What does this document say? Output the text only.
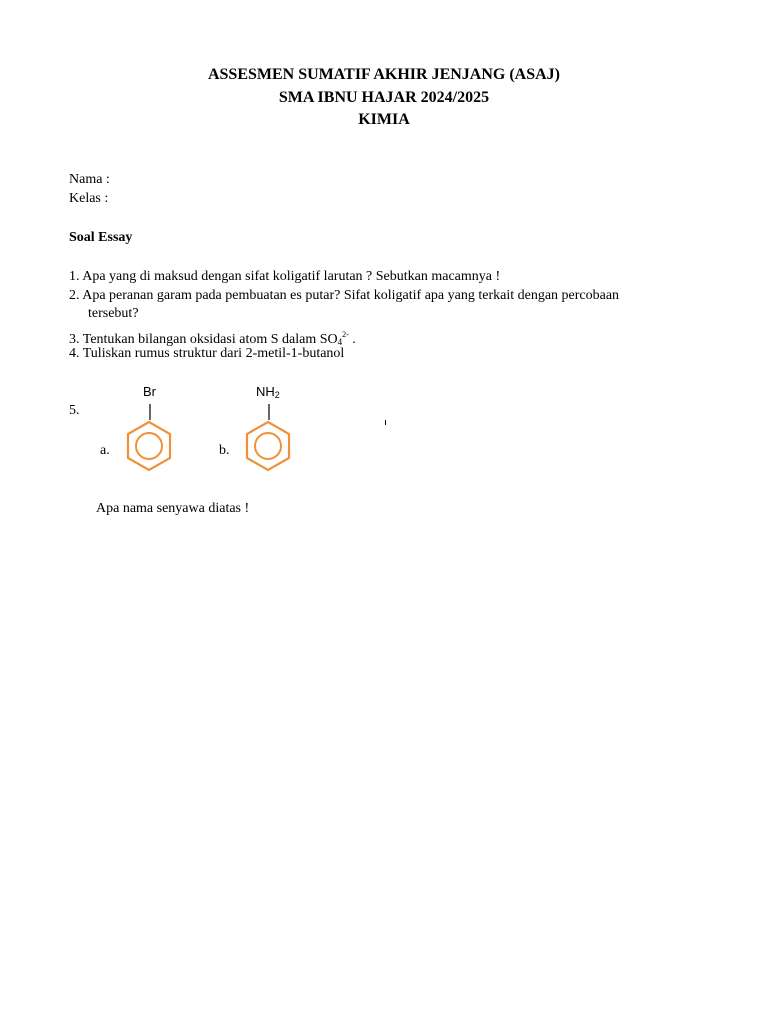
ASSESMEN SUMATIF AKHIR JENJANG (ASAJ)
SMA IBNU HAJAR 2024/2025
KIMIA
Nama :
Kelas :
Soal Essay
1. Apa yang di maksud dengan sifat koligatif larutan ? Sebutkan macamnya !
2. Apa peranan garam pada pembuatan es putar? Sifat koligatif apa yang terkait dengan percobaan
tersebut?
3. Tentukan bilangan oksidasi atom S dalam $SO_4^{2-}$ .
4. Tuliskan rumus struktur dari 2-metil-1-butanol
5.
Br
a.
NH2
b.
Apa nama senyawa diatas !
